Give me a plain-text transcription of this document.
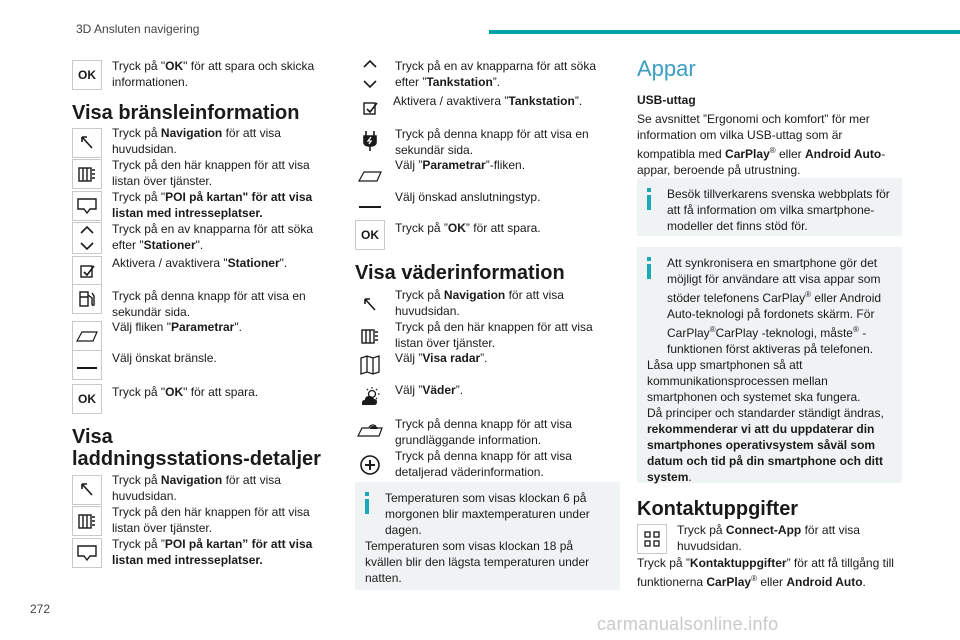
3D Ansluten navigering
OK
Tryck på "OK" för att spara och skicka informationen.
Visa bränsleinformation
Tryck på Navigation för att visa huvudsidan.
Tryck på den här knappen för att visa listan över tjänster.
Tryck på "POI på kartan" för att visa listan med intresseplatser.
Tryck på en av knapparna för att söka efter "Stationer".
Aktivera / avaktivera "Stationer".
Tryck på denna knapp för att visa en sekundär sida.
Välj fliken "Parametrar".
Välj önskat bränsle.
OK Tryck på "OK" för att spara.
Visa
laddningsstations-detaljer
Tryck på Navigation för att visa huvudsidan.
Tryck på den här knappen för att visa listan över tjänster.
Tryck på ”POI på kartan” för att visa listan med intresseplatser.
Tryck på en av knapparna för att söka efter ”Tankstation”.
Aktivera / avaktivera ”Tankstation”.
Tryck på denna knapp för att visa en sekundär sida.
Välj ”Parametrar”-fliken.
Välj önskad anslutningstyp.
OK Tryck på ”OK” för att spara.
Visa väderinformation
Tryck på Navigation för att visa huvudsidan.
Tryck på den här knappen för att visa listan över tjänster.
Välj ”Visa radar”.
Välj ”Väder”.
Tryck på denna knapp för att visa grundläggande information.
Tryck på denna knapp för att visa detaljerad väderinformation.
Temperaturen som visas klockan 6 på morgonen blir maxtemperaturen under dagen.
Temperaturen som visas klockan 18 på kvällen blir den lägsta temperaturen under natten.
Appar
USB-uttag
Se avsnittet ”Ergonomi och komfort” för mer information om vilka USB-uttag som är kompatibla med CarPlay® eller Android Auto-appar, beroende på utrustning.
Besök tillverkarens svenska webbplats för att få information om vilka smartphone-modeller det finns stöd för.
Att synkronisera en smartphone gör det möjligt för användare att visa appar som stöder telefonens CarPlay® eller Android Auto-teknologi på fordonets skärm. För CarPlay®CarPlay -teknologi, måste® -funktionen först aktiveras på telefonen.
Låsa upp smartphonen så att kommunikationsprocessen mellan smartphonen och systemet ska fungera.
Då principer och standarder ständigt ändras, rekommenderar vi att du uppdaterar din smartphones operativsystem såväl som datum och tid på din smartphone och ditt system.
Kontaktuppgifter
Tryck på Connect-App för att visa huvudsidan.
Tryck på ”Kontaktuppgifter” för att få tillgång till funktionerna CarPlay® eller Android Auto.
272
carmanualsonline.info
